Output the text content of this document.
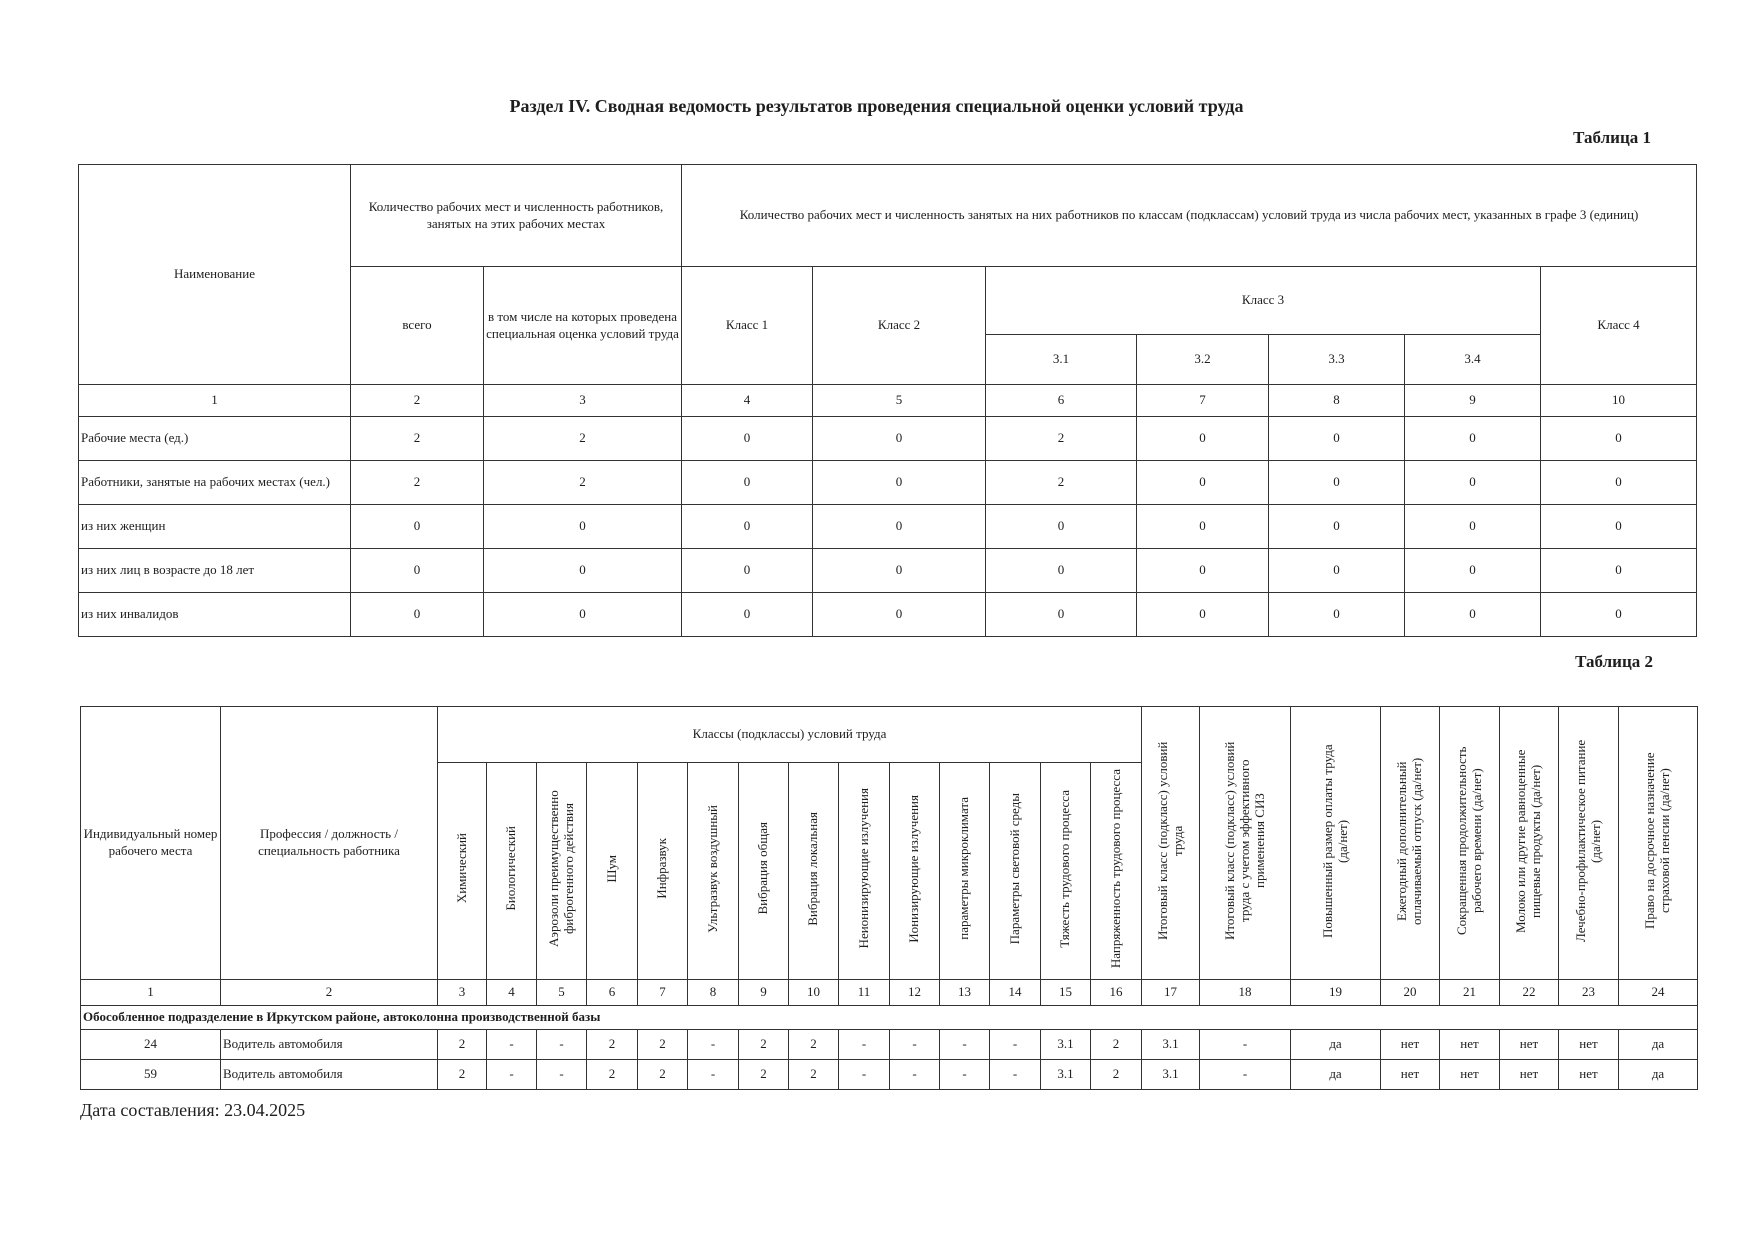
Раздел IV. Сводная ведомость результатов проведения специальной оценки условий труда
Таблица 1
Наименование	Количество рабочих мест и численность работников, занятых на этих рабочих местах		Количество рабочих мест и численность занятых на них работников по классам (подклассам) условий труда из числа рабочих мест, указанных в графе 3 (единиц)						
	всего	в том числе на которых проведена специальная оценка условий труда	Класс 1	Класс 2	Класс 3				Класс 4
					3.1	3.2	3.3	3.4	
1	2	3	4	5	6	7	8	9	10
Рабочие места (ед.)	2	2	0	0	2	0	0	0	0
Работники, занятые на рабочих местах (чел.)	2	2	0	0	2	0	0	0	0
из них женщин	0	0	0	0	0	0	0	0	0
из них лиц в возрасте до 18 лет	0	0	0	0	0	0	0	0	0
из них инвалидов	0	0	0	0	0	0	0	0	0
Таблица 2
Индивидуальный номер рабочего места	Профессия / должность / специальность работника	Классы (подклассы) условий труда														Итоговый класс (подкласс) условий труда	Итоговый класс (подкласс) условий труда с учетом эффективного применения СИЗ	Повышенный размер оплаты труда (да/нет)	Ежегодный дополнительный оплачиваемый отпуск (да/нет)	Сокращенная продолжительность рабочего времени (да/нет)	Молоко или другие равноценные пищевые продукты (да/нет)	Лечебно-профилактическое питание (да/нет)	Право на досрочное назначение страховой пенсии (да/нет)
		Химический	Биологический	Аэрозоли преимущественно фиброгенного действия	Шум	Инфразвук	Ультразвук воздушный	Вибрация общая	Вибрация локальная	Неионизирующие излучения	Ионизирующие излучения	параметры микроклимата	Параметры световой среды	Тяжесть трудового процесса	Напряженность трудового процесса								
1	2	3	4	5	6	7	8	9	10	11	12	13	14	15	16	17	18	19	20	21	22	23	24
Обособленное подразделение в Иркутском районе, автоколонна производственной базы																							
24	Водитель автомобиля	2	-	-	2	2	-	2	2	-	-	-	-	3.1	2	3.1	-	да	нет	нет	нет	нет	да
59	Водитель автомобиля	2	-	-	2	2	-	2	2	-	-	-	-	3.1	2	3.1	-	да	нет	нет	нет	нет	да
Дата составления: 23.04.2025
